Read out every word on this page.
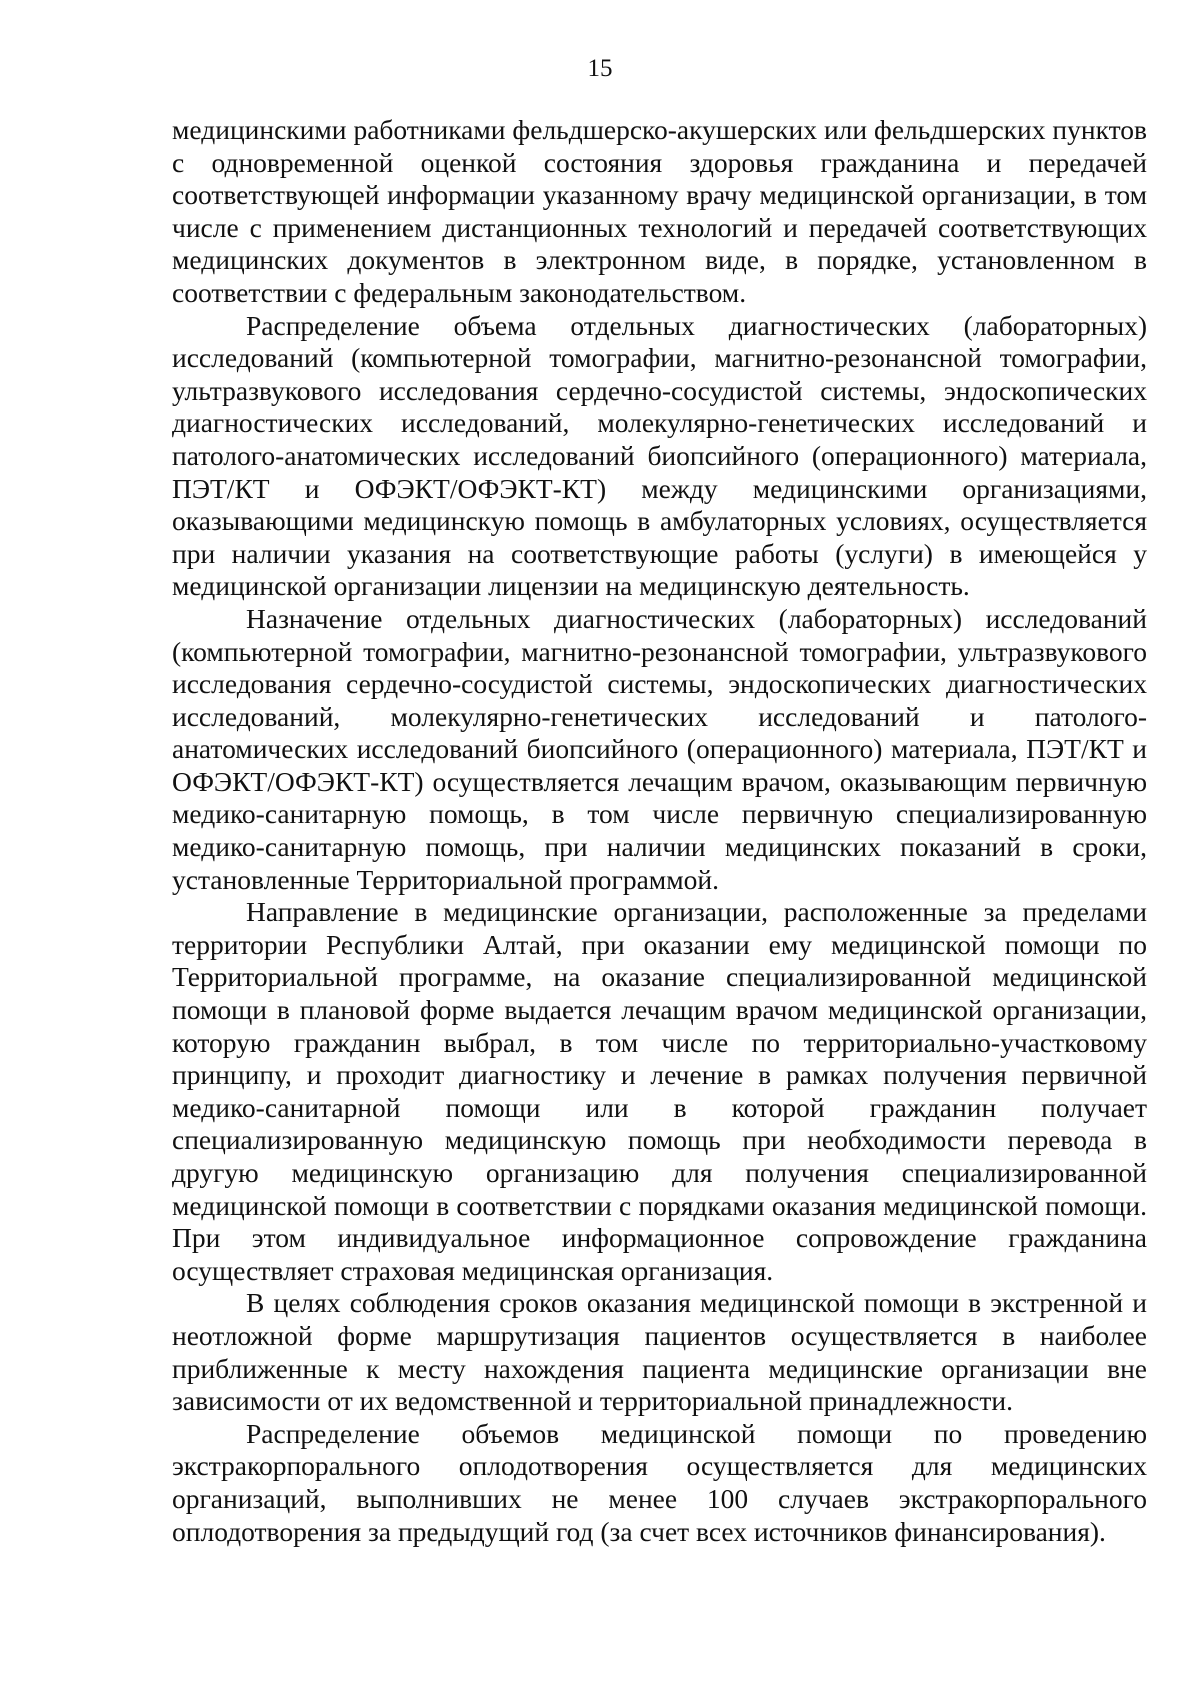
15

медицинскими работниками фельдшерско-акушерских или фельдшерских пунктов с одновременной оценкой состояния здоровья гражданина и передачей соответствующей информации указанному врачу медицинской организации, в том числе с применением дистанционных технологий и передачей соответствующих медицинских документов в электронном виде, в порядке, установленном в соответствии с федеральным законодательством.

Распределение объема отдельных диагностических (лабораторных) исследований (компьютерной томографии, магнитно-резонансной томографии, ультразвукового исследования сердечно-сосудистой системы, эндоскопических диагностических исследований, молекулярно-генетических исследований и патолого-анатомических исследований биопсийного (операционного) материала, ПЭТ/КТ и ОФЭКТ/ОФЭКТ-КТ) между медицинскими организациями, оказывающими медицинскую помощь в амбулаторных условиях, осуществляется при наличии указания на соответствующие работы (услуги) в имеющейся у медицинской организации лицензии на медицинскую деятельность.

Назначение отдельных диагностических (лабораторных) исследований (компьютерной томографии, магнитно-резонансной томографии, ультразвукового исследования сердечно-сосудистой системы, эндоскопических диагностических исследований, молекулярно-генетических исследований и патолого-анатомических исследований биопсийного (операционного) материала, ПЭТ/КТ и ОФЭКТ/ОФЭКТ-КТ) осуществляется лечащим врачом, оказывающим первичную медико-санитарную помощь, в том числе первичную специализированную медико-санитарную помощь, при наличии медицинских показаний в сроки, установленные Территориальной программой.

Направление в медицинские организации, расположенные за пределами территории Республики Алтай, при оказании ему медицинской помощи по Территориальной программе, на оказание специализированной медицинской помощи в плановой форме выдается лечащим врачом медицинской организации, которую гражданин выбрал, в том числе по территориально-участковому принципу, и проходит диагностику и лечение в рамках получения первичной медико-санитарной помощи или в которой гражданин получает специализированную медицинскую помощь при необходимости перевода в другую медицинскую организацию для получения специализированной медицинской помощи в соответствии с порядками оказания медицинской помощи. При этом индивидуальное информационное сопровождение гражданина осуществляет страховая медицинская организация.

В целях соблюдения сроков оказания медицинской помощи в экстренной и неотложной форме маршрутизация пациентов осуществляется в наиболее приближенные к месту нахождения пациента медицинские организации вне зависимости от их ведомственной и территориальной принадлежности.

Распределение объемов медицинской помощи по проведению экстракорпорального оплодотворения осуществляется для медицинских организаций, выполнивших не менее 100 случаев экстракорпорального оплодотворения за предыдущий год (за счет всех источников финансирования).
